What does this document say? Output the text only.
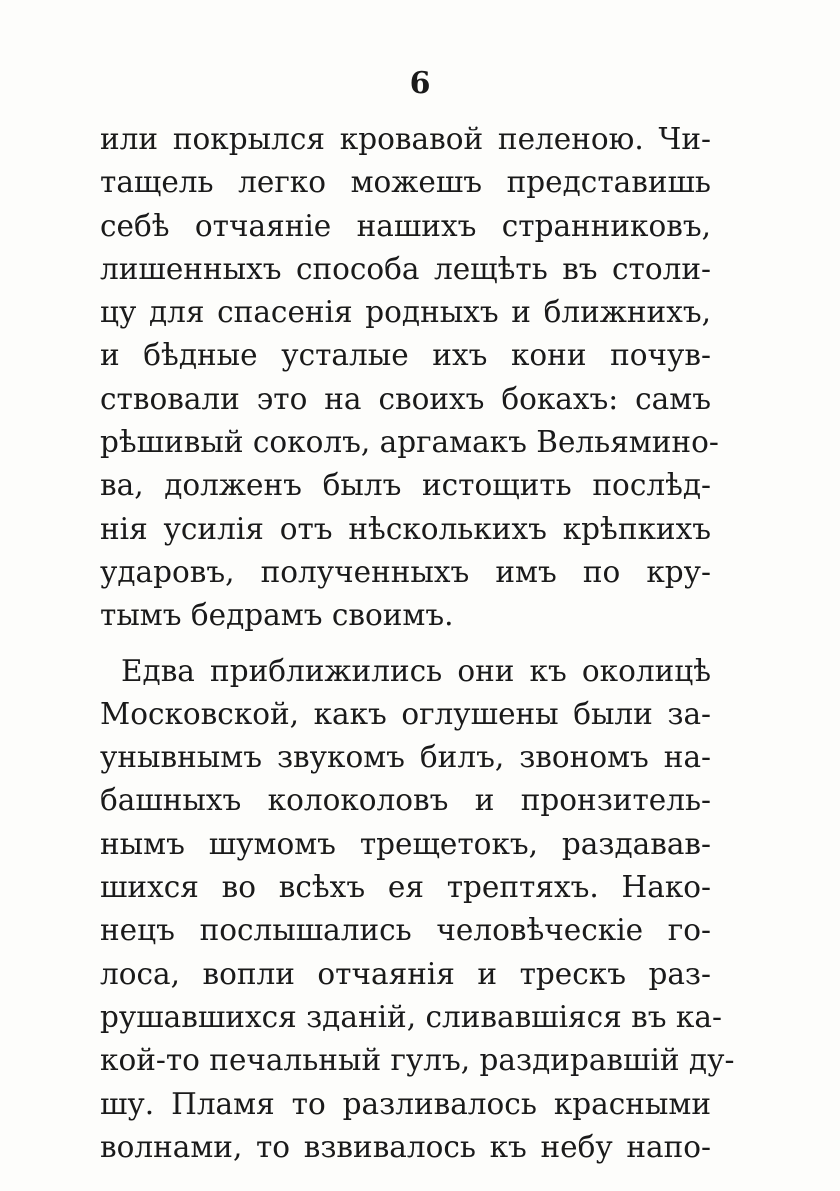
6
или покрылся кровавой пеленою. Чи-
тащель легко можешъ представишь
себѣ отчаяніе нашихъ странниковъ,
лишенныхъ способа лещѣть въ столи-
цу для спасенія родныхъ и ближнихъ,
и бѣдные усталые ихъ кони почув-
ствовали это на своихъ бокахъ: самъ
рѣшивый соколъ, аргамакъ Вельямино-
ва, долженъ былъ истощить послѣд-
нія усилія отъ нѣсколькихъ крѣпкихъ
ударовъ, полученныхъ имъ по кру-
тымъ бедрамъ своимъ.
Едва приближились они къ околицѣ
Московской, какъ оглушены были за-
унывнымъ звукомъ билъ, звономъ на-
башныхъ колоколовъ и пронзитель-
нымъ шумомъ трещетокъ, раздавав-
шихся во всѣхъ ея трептяхъ. Нако-
нецъ послышались человѣческіе го-
лоса, вопли отчаянія и трескъ раз-
рушавшихся зданій, сливавшіяся въ ка-
кой-то печальный гулъ, раздиравшій ду-
шу. Пламя то разливалось красными
волнами, то взвивалось къ небу напо-
